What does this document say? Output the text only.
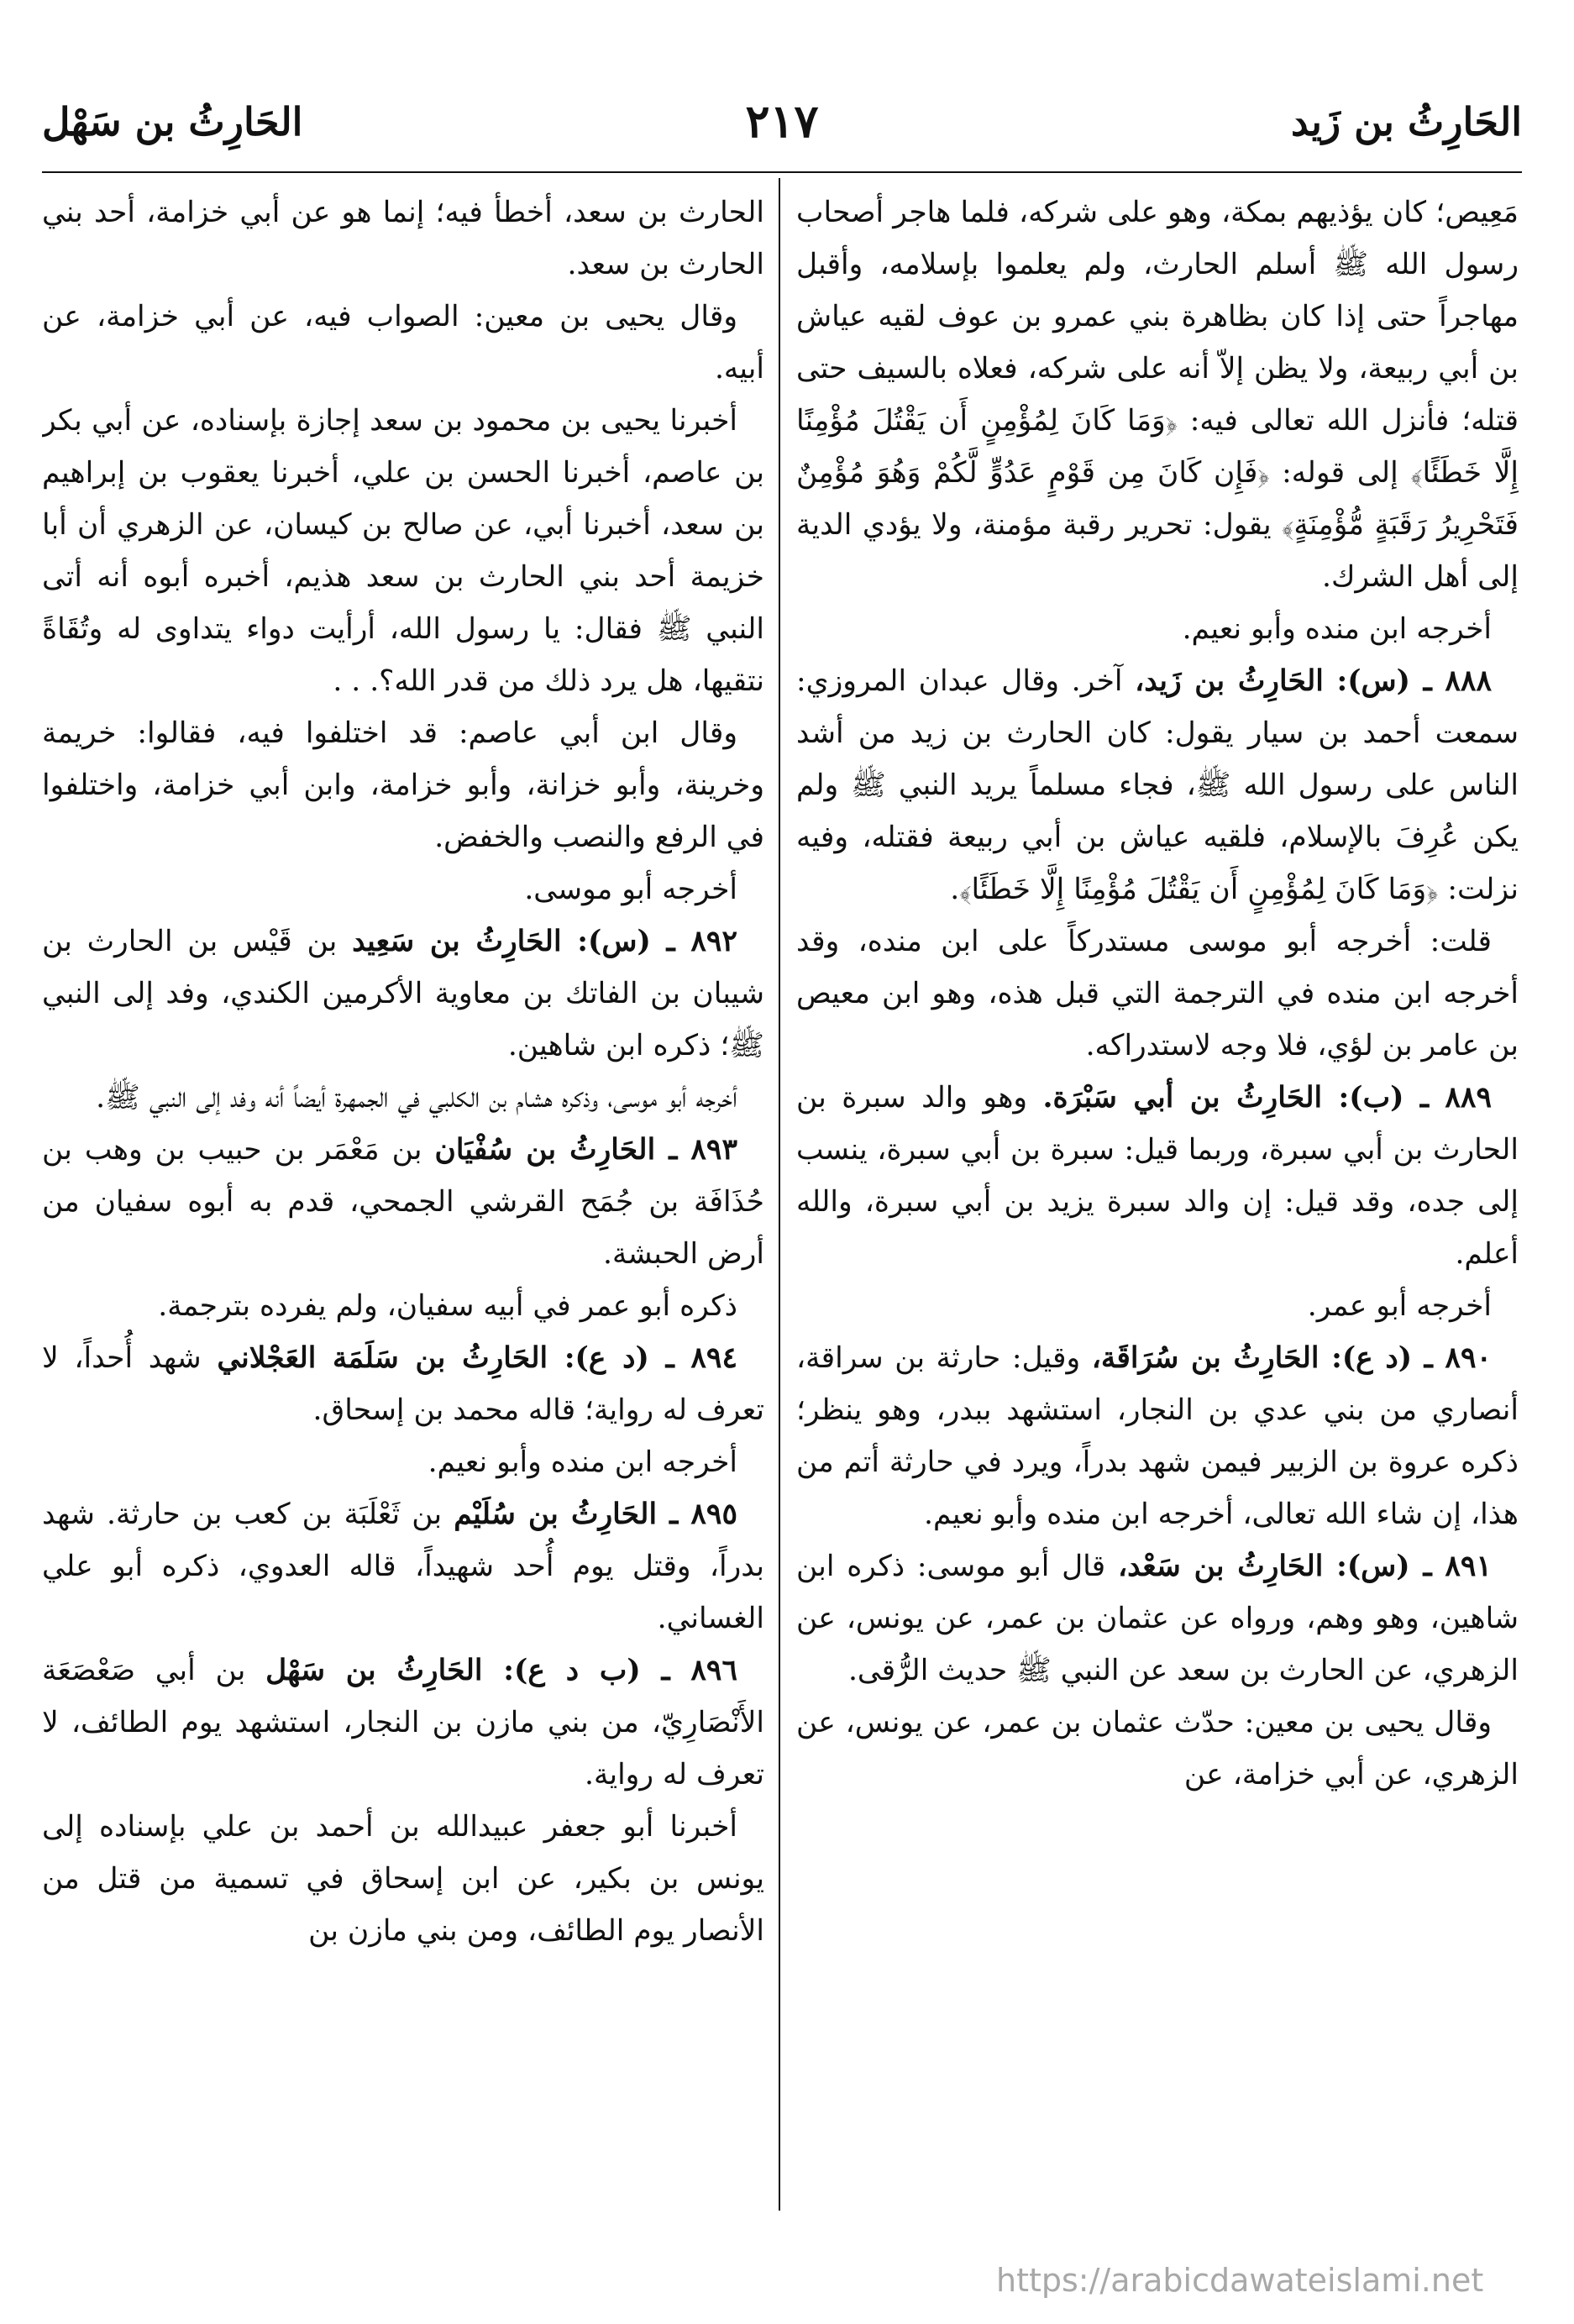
الحَارِثُ بن سَهْل	٢١٧	الحَارِثُ بن زَيد

مَعِيص؛ كان يؤذيهم بمكة، وهو على شركه، فلما هاجر أصحاب رسول الله ﷺ أسلم الحارث، ولم يعلموا بإسلامه، وأقبل مهاجراً حتى إذا كان بظاهرة بني عمرو بن عوف لقيه عياش بن أبي ربيعة، ولا يظن إلاّ أنه على شركه، فعلاه بالسيف حتى قتله؛ فأنزل الله تعالى فيه: ﴿وَمَا كَانَ لِمُؤْمِنٍ أَن يَقْتُلَ مُؤْمِنًا إِلَّا خَطَئًا﴾ إلى قوله: ﴿فَإِن كَانَ مِن قَوْمٍ عَدُوٍّ لَّكُمْ وَهُوَ مُؤْمِنٌ فَتَحْرِيرُ رَقَبَةٍ مُّؤْمِنَةٍ﴾ يقول: تحرير رقبة مؤمنة، ولا يؤدي الدية إلى أهل الشرك.

أخرجه ابن منده وأبو نعيم.

٨٨٨ ـ (س): الحَارِثُ بن زَيد، آخر. وقال عبدان المروزي: سمعت أحمد بن سيار يقول: كان الحارث بن زيد من أشد الناس على رسول الله ﷺ، فجاء مسلماً يريد النبي ﷺ ولم يكن عُرِفَ بالإسلام، فلقيه عياش بن أبي ربيعة فقتله، وفيه نزلت: ﴿وَمَا كَانَ لِمُؤْمِنٍ أَن يَقْتُلَ مُؤْمِنًا إِلَّا خَطَئًا﴾.

قلت: أخرجه أبو موسى مستدركاً على ابن منده، وقد أخرجه ابن منده في الترجمة التي قبل هذه، وهو ابن معيص بن عامر بن لؤي، فلا وجه لاستدراكه.

٨٨٩ ـ (ب): الحَارِثُ بن أبي سَبْرَة. وهو والد سبرة بن الحارث بن أبي سبرة، وربما قيل: سبرة بن أبي سبرة، ينسب إلى جده، وقد قيل: إن والد سبرة يزيد بن أبي سبرة، والله أعلم.

أخرجه أبو عمر.

٨٩٠ ـ (د ع): الحَارِثُ بن سُرَاقَة، وقيل: حارثة بن سراقة، أنصاري من بني عدي بن النجار، استشهد ببدر، وهو ينظر؛ ذكره عروة بن الزبير فيمن شهد بدراً، ويرد في حارثة أتم من هذا، إن شاء الله تعالى، أخرجه ابن منده وأبو نعيم.

٨٩١ ـ (س): الحَارِثُ بن سَعْد، قال أبو موسى: ذكره ابن شاهين، وهو وهم، ورواه عن عثمان بن عمر، عن يونس، عن الزهري، عن الحارث بن سعد عن النبي ﷺ حديث الرُّقى.

وقال يحيى بن معين: حدّث عثمان بن عمر، عن يونس، عن الزهري، عن أبي خزامة، عن

الحارث بن سعد، أخطأ فيه؛ إنما هو عن أبي خزامة، أحد بني الحارث بن سعد.

وقال يحيى بن معين: الصواب فيه، عن أبي خزامة، عن أبيه.

أخبرنا يحيى بن محمود بن سعد إجازة بإسناده، عن أبي بكر بن عاصم، أخبرنا الحسن بن علي، أخبرنا يعقوب بن إبراهيم بن سعد، أخبرنا أبي، عن صالح بن كيسان، عن الزهري أن أبا خزيمة أحد بني الحارث بن سعد هذيم، أخبره أبوه أنه أتى النبي ﷺ فقال: يا رسول الله، أرأيت دواء يتداوى له وتُقَاةً نتقيها، هل يرد ذلك من قدر الله؟. . .

وقال ابن أبي عاصم: قد اختلفوا فيه، فقالوا: خريمة وخرينة، وأبو خزانة، وأبو خزامة، وابن أبي خزامة، واختلفوا في الرفع والنصب والخفض.

أخرجه أبو موسى.

٨٩٢ ـ (س): الحَارِثُ بن سَعِيد بن قَيْس بن الحارث بن شيبان بن الفاتك بن معاوية الأكرمين الكندي، وفد إلى النبي ﷺ؛ ذكره ابن شاهين.

أخرجه أبو موسى، وذكره هشام بن الكلبي في الجمهرة أيضاً أنه وفد إلى النبي ﷺ.

٨٩٣ ـ الحَارِثُ بن سُفْيَان بن مَعْمَر بن حبيب بن وهب بن حُذَافَة بن جُمَح القرشي الجمحي، قدم به أبوه سفيان من أرض الحبشة.

ذكره أبو عمر في أبيه سفيان، ولم يفرده بترجمة.

٨٩٤ ـ (د ع): الحَارِثُ بن سَلَمَة العَجْلاني شهد أُحداً، لا تعرف له رواية؛ قاله محمد بن إسحاق.

أخرجه ابن منده وأبو نعيم.

٨٩٥ ـ الحَارِثُ بن سُلَيْم بن ثَعْلَبَة بن كعب بن حارثة. شهد بدراً، وقتل يوم أُحد شهيداً، قاله العدوي، ذكره أبو علي الغساني.

٨٩٦ ـ (ب د ع): الحَارِثُ بن سَهْل بن أبي صَعْصَعَة الأَنْصَارِيّ، من بني مازن بن النجار، استشهد يوم الطائف، لا تعرف له رواية.

أخبرنا أبو جعفر عبيدالله بن أحمد بن علي بإسناده إلى يونس بن بكير، عن ابن إسحاق في تسمية من قتل من الأنصار يوم الطائف، ومن بني مازن بن

https://arabicdawateislami.net
